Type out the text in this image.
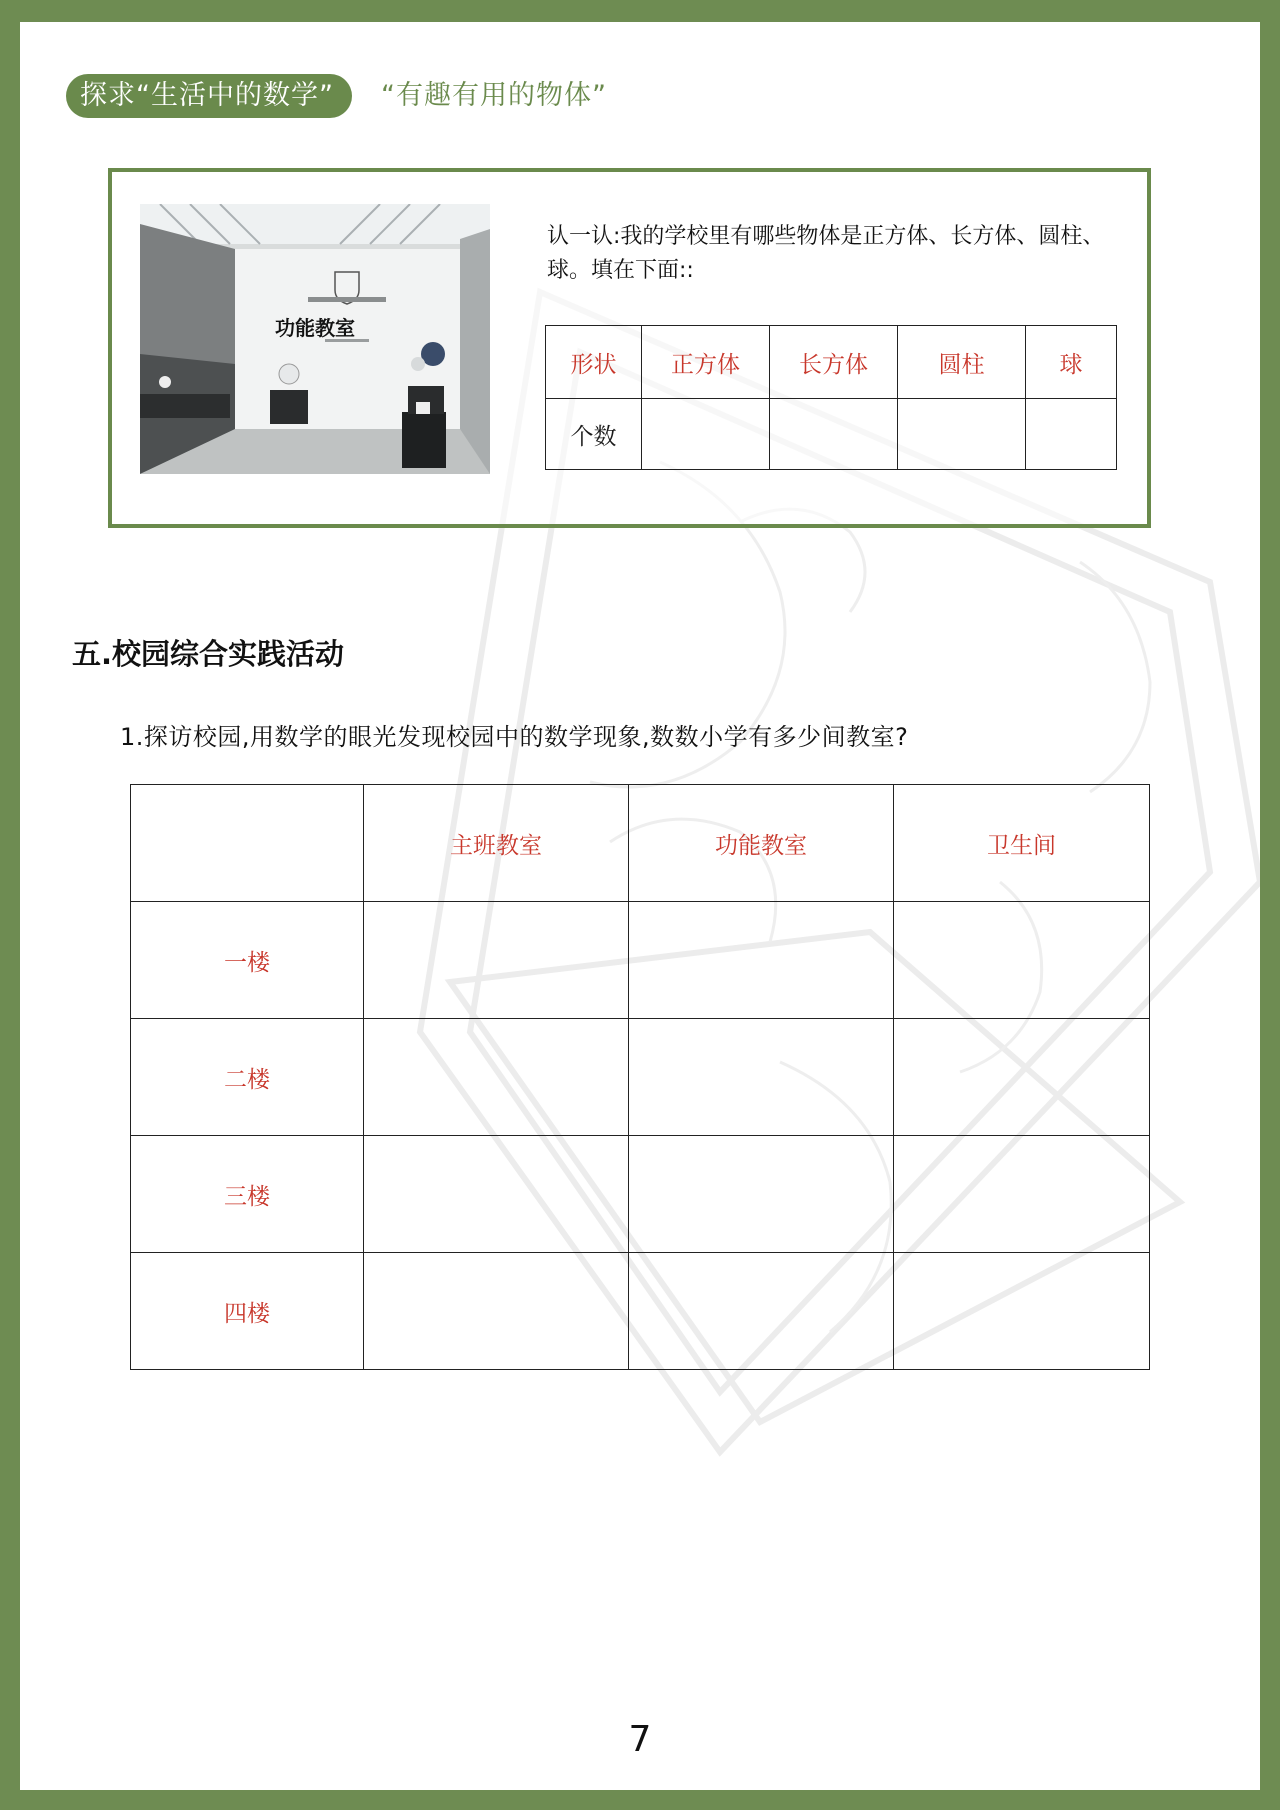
探求“生活中的数学”	“有趣有用的物体”
功能教室
认一认:我的学校里有哪些物体是正方体、长方体、圆柱、球。填在下面::
形状	正方体	长方体	圆柱	球
个数				
五.校园综合实践活动
1.探访校园,用数学的眼光发现校园中的数学现象,数数小学有多少间教室?
	主班教室	功能教室	卫生间
一楼			
二楼			
三楼			
四楼			
7
